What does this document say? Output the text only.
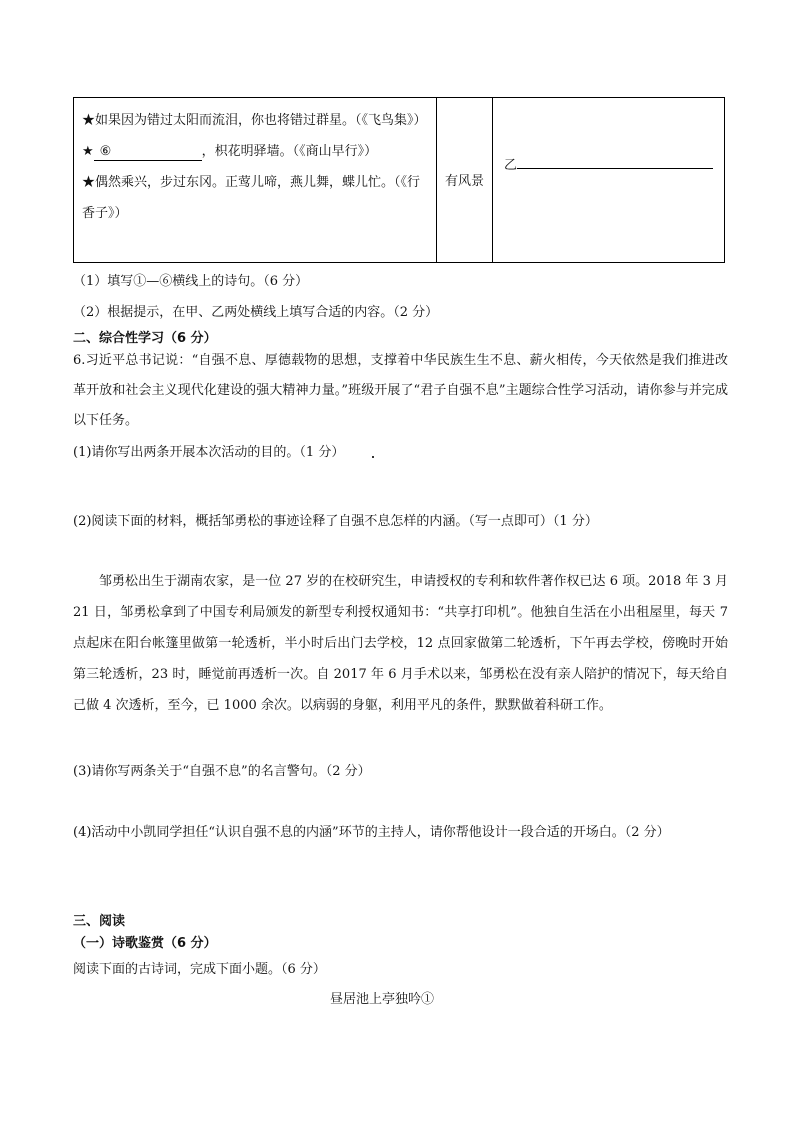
★如果因为错过太阳而流泪，你也将错过群星。（《飞鸟集》）

★ ⑥	，枳花明驿墙。（《商山早行》）

★偶然乘兴，步过东冈。正莺儿啼，燕儿舞，蝶儿忙。（《行香子》）

有风景
乙
（1）填写①—⑥横线上的诗句。（6 分）
（2）根据提示，在甲、乙两处横线上填写合适的内容。（2 分）
二、综合性学习（6 分）
6.习近平总书记说：“自强不息、厚德载物的思想，支撑着中华民族生生不息、薪火相传，今天依然是我们推进改革开放和社会主义现代化建设的强大精神力量。”班级开展了“君子自强不息”主题综合性学习活动，请你参与并完成以下任务。
(1)请你写出两条开展本次活动的目的。（1 分）
(2)阅读下面的材料，概括邹勇松的事迹诠释了自强不息怎样的内涵。（写一点即可）（1 分）
邹勇松出生于湖南农家，是一位 27 岁的在校研究生，申请授权的专利和软件著作权已达 6 项。2018 年 3 月 21 日，邹勇松拿到了中国专利局颁发的新型专利授权通知书：“共享打印机”。他独自生活在小出租屋里，每天 7 点起床在阳台帐篷里做第一轮透析，半小时后出门去学校，12 点回家做第二轮透析，下午再去学校，傍晚时开始第三轮透析，23 时，睡觉前再透析一次。自 2017 年 6 月手术以来，邹勇松在没有亲人陪护的情况下，每天给自己做 4 次透析，至今，已 1000 余次。以病弱的身躯，利用平凡的条件，默默做着科研工作。
(3)请你写两条关于“自强不息”的名言警句。（2 分）
(4)活动中小凯同学担任“认识自强不息的内涵”环节的主持人，请你帮他设计一段合适的开场白。（2 分）
三、阅读
（一）诗歌鉴赏（6 分）
阅读下面的古诗词，完成下面小题。（6 分）
昼居池上亭独吟①
